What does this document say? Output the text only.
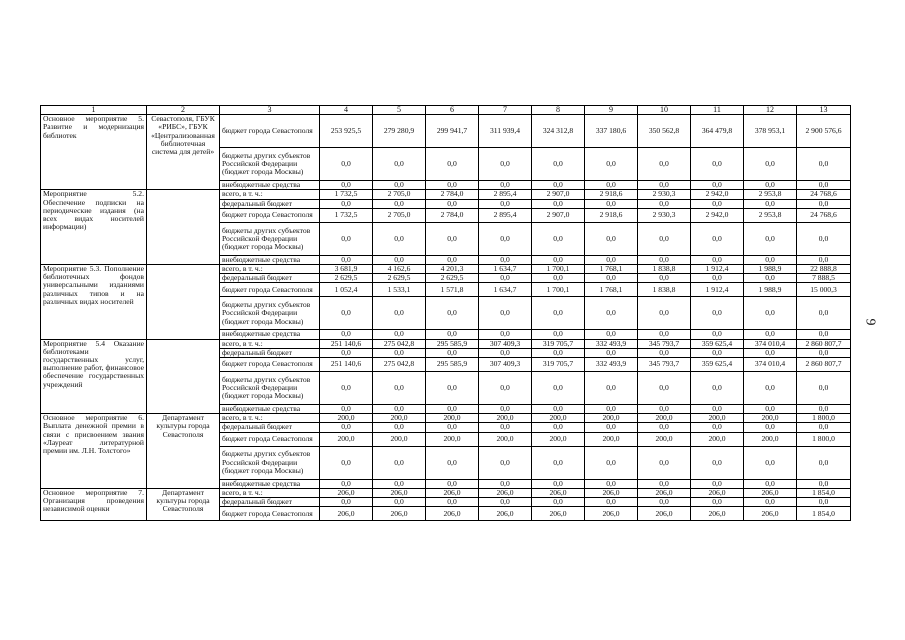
1	2	3	4	5	6	7	8	9	10	11	12	13
Основное мероприятие 5. Развитие и модернизация библиотек	Севастополя, ГБУК «РИБС», ГБУК «Централизованная библиотечная система для детей»	бюджет города Севастополя	253 925,5	279 280,9	299 941,7	311 939,4	324 312,8	337 180,6	350 562,8	364 479,8	378 953,1	2 900 576,6
		бюджеты других субъектов Российской Федерации (бюджет города Москвы)	0,0	0,0	0,0	0,0	0,0	0,0	0,0	0,0	0,0	0,0
		внебюджетные средства	0,0	0,0	0,0	0,0	0,0	0,0	0,0	0,0	0,0	0,0
Мероприятие 5.2. Обеспечение подписки на периодические издания (на всех видах носителей информации)		всего, в т. ч.:	1 732,5	2 705,0	2 784,0	2 895,4	2 907,0	2 918,6	2 930,3	2 942,0	2 953,8	24 768,6
		федеральный бюджет	0,0	0,0	0,0	0,0	0,0	0,0	0,0	0,0	0,0	0,0
		бюджет города Севастополя	1 732,5	2 705,0	2 784,0	2 895,4	2 907,0	2 918,6	2 930,3	2 942,0	2 953,8	24 768,6
		бюджеты других субъектов Российской Федерации (бюджет города Москвы)	0,0	0,0	0,0	0,0	0,0	0,0	0,0	0,0	0,0	0,0
		внебюджетные средства	0,0	0,0	0,0	0,0	0,0	0,0	0,0	0,0	0,0	0,0
Мероприятие 5.3. Пополнение библиотечных фондов универсальными изданиями различных типов и на различных видах носителей		всего, в т. ч.:	3 681,9	4 162,6	4 201,3	1 634,7	1 700,1	1 768,1	1 838,8	1 912,4	1 988,9	22 888,8
		федеральный бюджет	2 629,5	2 629,5	2 629,5	0,0	0,0	0,0	0,0	0,0	0,0	7 888,5
		бюджет города Севастополя	1 052,4	1 533,1	1 571,8	1 634,7	1 700,1	1 768,1	1 838,8	1 912,4	1 988,9	15 000,3
		бюджеты других субъектов Российской Федерации (бюджет города Москвы)	0,0	0,0	0,0	0,0	0,0	0,0	0,0	0,0	0,0	0,0
		внебюджетные средства	0,0	0,0	0,0	0,0	0,0	0,0	0,0	0,0	0,0	0,0
Мероприятие 5.4 Оказание библиотеками государственных услуг, выполнение работ, финансовое обеспечение государственных учреждений		всего, в т. ч.:	251 140,6	275 042,8	295 585,9	307 409,3	319 705,7	332 493,9	345 793,7	359 625,4	374 010,4	2 860 807,7
		федеральный бюджет	0,0	0,0	0,0	0,0	0,0	0,0	0,0	0,0	0,0	0,0
		бюджет города Севастополя	251 140,6	275 042,8	295 585,9	307 409,3	319 705,7	332 493,9	345 793,7	359 625,4	374 010,4	2 860 807,7
		бюджеты других субъектов Российской Федерации (бюджет города Москвы)	0,0	0,0	0,0	0,0	0,0	0,0	0,0	0,0	0,0	0,0
		внебюджетные средства	0,0	0,0	0,0	0,0	0,0	0,0	0,0	0,0	0,0	0,0
Основное мероприятие 6. Выплата денежной премии в связи с присвоением звания «Лауреат литературной премии им. Л.Н. Толстого»	Департамент культуры города Севастополя	всего, в т. ч.:	200,0	200,0	200,0	200,0	200,0	200,0	200,0	200,0	200,0	1 800,0
		федеральный бюджет	0,0	0,0	0,0	0,0	0,0	0,0	0,0	0,0	0,0	0,0
		бюджет города Севастополя	200,0	200,0	200,0	200,0	200,0	200,0	200,0	200,0	200,0	1 800,0
		бюджеты других субъектов Российской Федерации (бюджет города Москвы)	0,0	0,0	0,0	0,0	0,0	0,0	0,0	0,0	0,0	0,0
		внебюджетные средства	0,0	0,0	0,0	0,0	0,0	0,0	0,0	0,0	0,0	0,0
Основное мероприятие 7. Организация проведения независимой оценки	Департамент культуры города Севастополя	всего, в т. ч.:	206,0	206,0	206,0	206,0	206,0	206,0	206,0	206,0	206,0	1 854,0
		федеральный бюджет	0,0	0,0	0,0	0,0	0,0	0,0	0,0	0,0	0,0	0,0
		бюджет города Севастополя	206,0	206,0	206,0	206,0	206,0	206,0	206,0	206,0	206,0	1 854,0
9
